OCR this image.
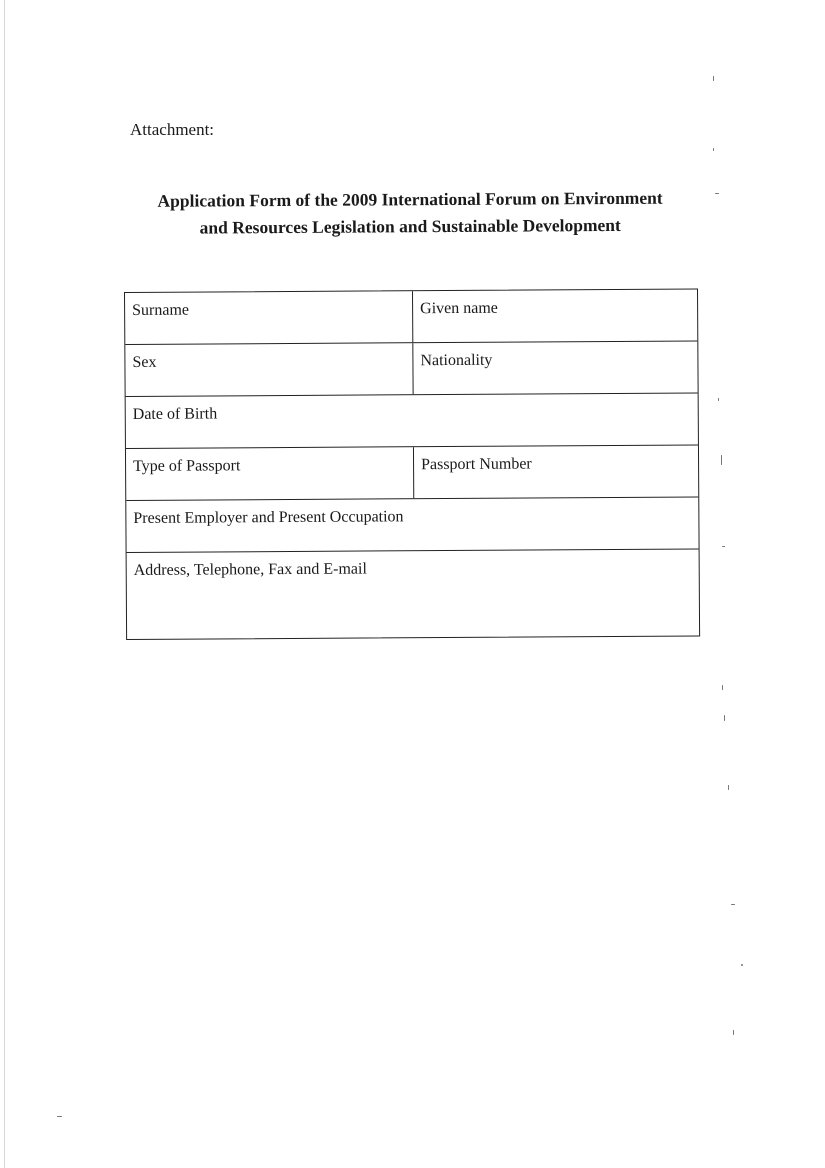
Attachment:
Application Form of the 2009 International Forum on Environment
and Resources Legislation and Sustainable Development
Surname	Given name
Sex	Nationality
Date of Birth
Type of Passport	Passport Number
Present Employer and Present Occupation
Address, Telephone, Fax and E-mail
